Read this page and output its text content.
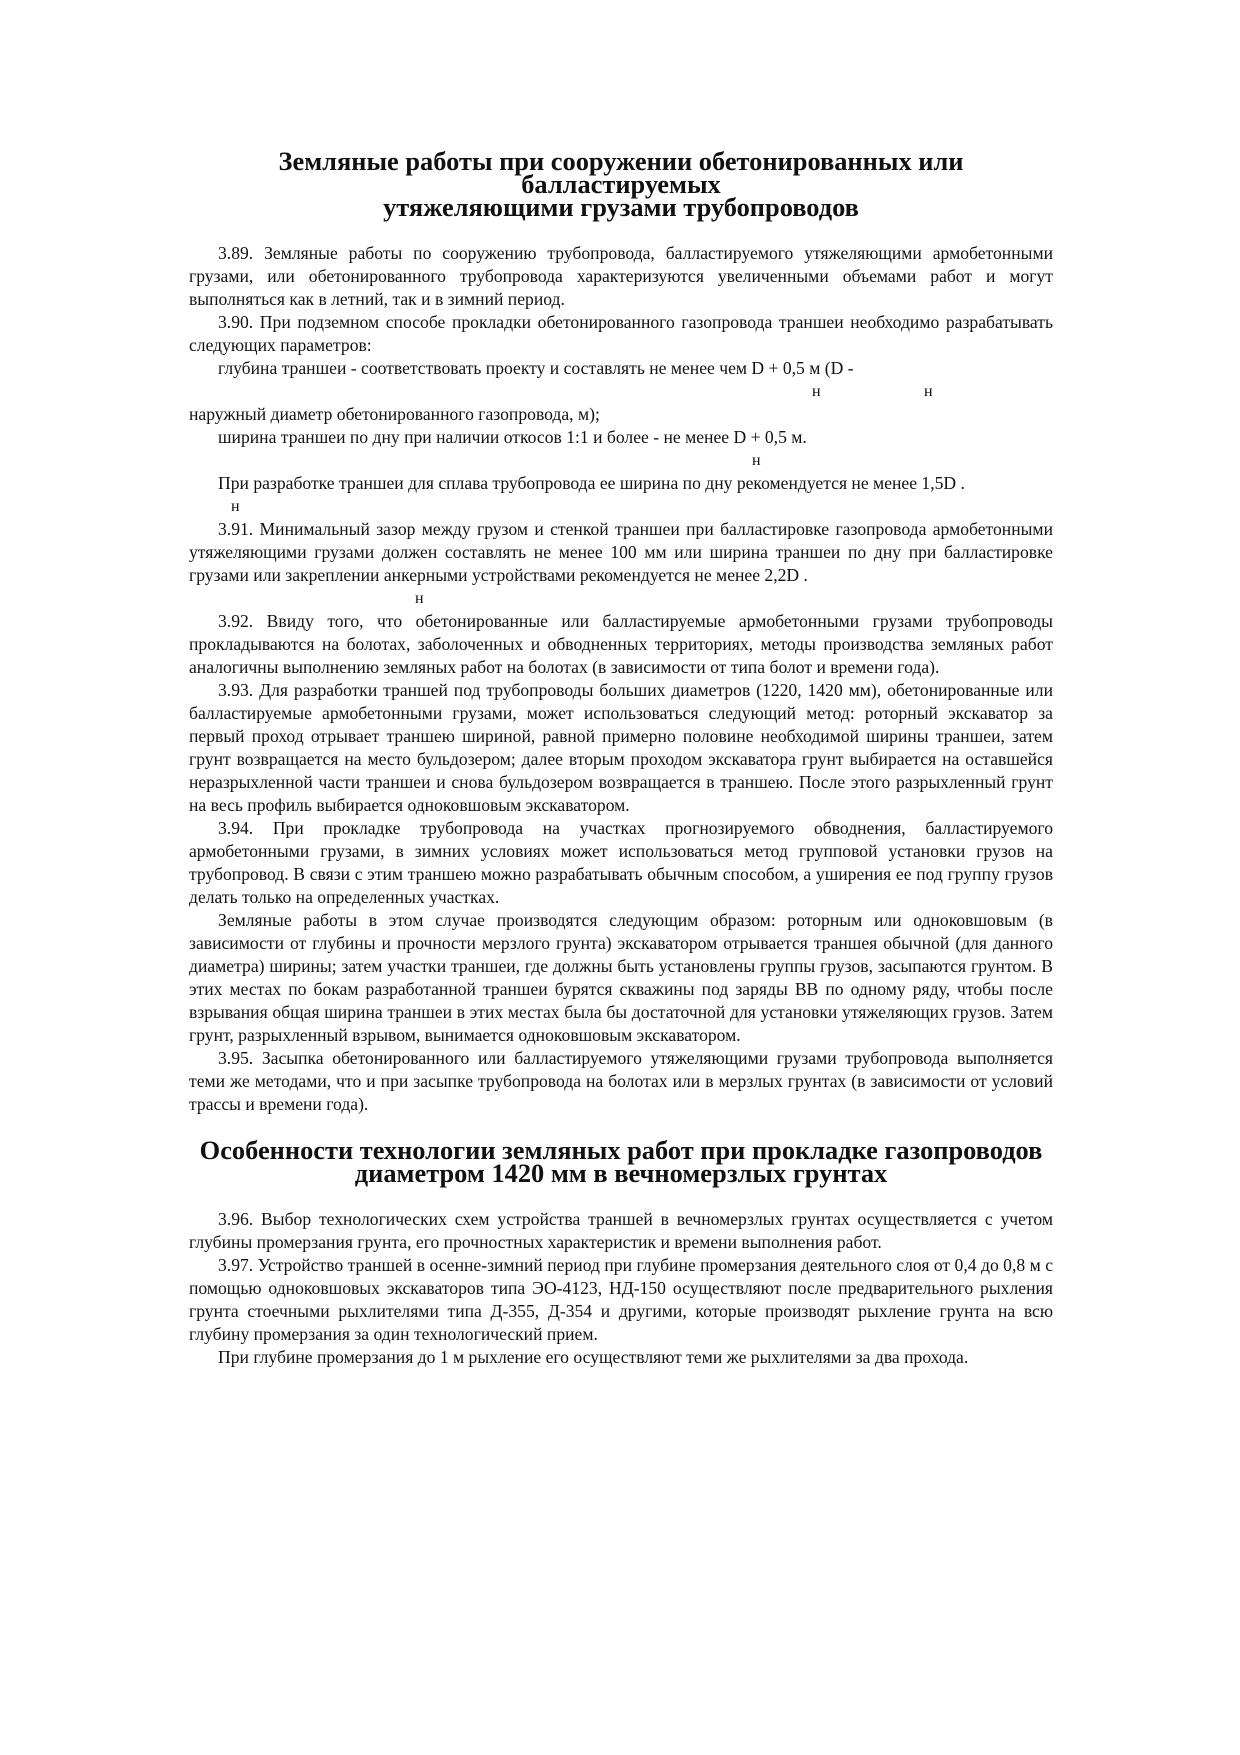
Земляные работы при сооружении обетонированных или балластируемых
утяжеляющими грузами трубопроводов

3.89. Земляные работы по сооружению трубопровода, балластируемого утяжеляющими армобетонными грузами, или обетонированного трубопровода характеризуются увеличенными объемами работ и могут выполняться как в летний, так и в зимний период.

3.90. При подземном способе прокладки обетонированного газопровода траншеи необходимо разрабатывать следующих параметров:

глубина траншеи - соответствовать проекту и составлять не менее чем D + 0,5 м (D -

н	н

наружный диаметр обетонированного газопровода, м);

ширина траншеи по дну при наличии откосов 1:1 и более - не менее D + 0,5 м.

н

При разработке траншеи для сплава трубопровода ее ширина по дну рекомендуется не менее 1,5D .

н

3.91. Минимальный зазор между грузом и стенкой траншеи при балластировке газопровода армобетонными утяжеляющими грузами должен составлять не менее 100 мм или ширина траншеи по дну при балластировке грузами или закреплении анкерными устройствами рекомендуется не менее 2,2D .

н

3.92. Ввиду того, что обетонированные или балластируемые армобетонными грузами трубопроводы прокладываются на болотах, заболоченных и обводненных территориях, методы производства земляных работ аналогичны выполнению земляных работ на болотах (в зависимости от типа болот и времени года).

3.93. Для разработки траншей под трубопроводы больших диаметров (1220, 1420 мм), обетонированные или балластируемые армобетонными грузами, может использоваться следующий метод: роторный экскаватор за первый проход отрывает траншею шириной, равной примерно половине необходимой ширины траншеи, затем грунт возвращается на место бульдозером; далее вторым проходом экскаватора грунт выбирается на оставшейся неразрыхленной части траншеи и снова бульдозером возвращается в траншею. После этого разрыхленный грунт на весь профиль выбирается одноковшовым экскаватором.

3.94. При прокладке трубопровода на участках прогнозируемого обводнения, балластируемого армобетонными грузами, в зимних условиях может использоваться метод групповой установки грузов на трубопровод. В связи с этим траншею можно разрабатывать обычным способом, а уширения ее под группу грузов делать только на определенных участках.

Земляные работы в этом случае производятся следующим образом: роторным или одноковшовым (в зависимости от глубины и прочности мерзлого грунта) экскаватором отрывается траншея обычной (для данного диаметра) ширины; затем участки траншеи, где должны быть установлены группы грузов, засыпаются грунтом. В этих местах по бокам разработанной траншеи бурятся скважины под заряды ВВ по одному ряду, чтобы после взрывания общая ширина траншеи в этих местах была бы достаточной для установки утяжеляющих грузов. Затем грунт, разрыхленный взрывом, вынимается одноковшовым экскаватором.

3.95. Засыпка обетонированного или балластируемого утяжеляющими грузами трубопровода выполняется теми же методами, что и при засыпке трубопровода на болотах или в мерзлых грунтах (в зависимости от условий трассы и времени года).

Особенности технологии земляных работ при прокладке газопроводов
диаметром 1420 мм в вечномерзлых грунтах

3.96. Выбор технологических схем устройства траншей в вечномерзлых грунтах осуществляется с учетом глубины промерзания грунта, его прочностных характеристик и времени выполнения работ.

3.97. Устройство траншей в осенне-зимний период при глубине промерзания деятельного слоя от 0,4 до 0,8 м с помощью одноковшовых экскаваторов типа ЭО-4123, НД-150 осуществляют после предварительного рыхления грунта стоечными рыхлителями типа Д-355, Д-354 и другими, которые производят рыхление грунта на всю глубину промерзания за один технологический прием.

При глубине промерзания до 1 м рыхление его осуществляют теми же рыхлителями за два прохода.
